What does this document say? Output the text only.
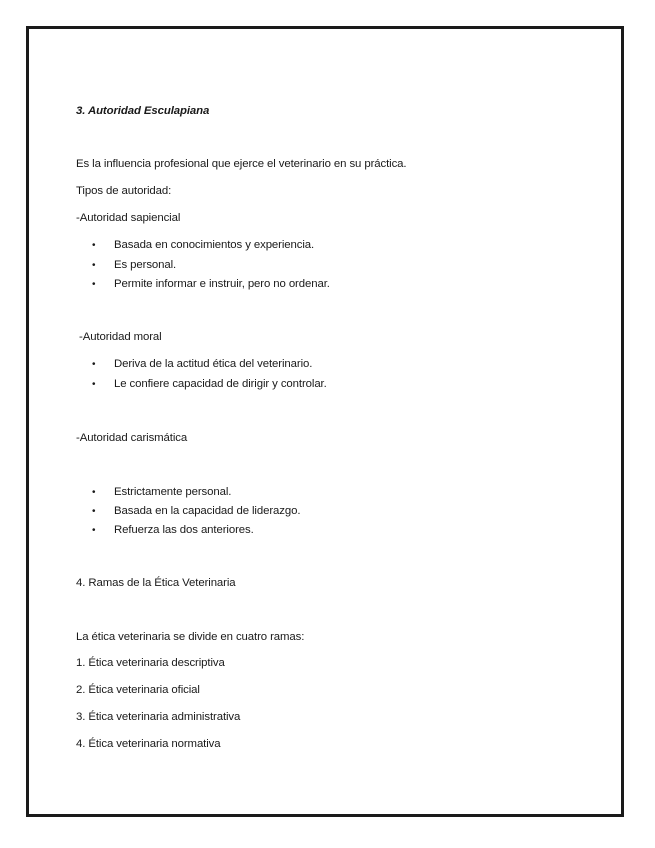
3. Autoridad Esculapiana
Es la influencia profesional que ejerce el veterinario en su práctica.
Tipos de autoridad:
-Autoridad sapiencial
• Basada en conocimientos y experiencia.
• Es personal.
• Permite informar e instruir, pero no ordenar.
-Autoridad moral
• Deriva de la actitud ética del veterinario.
• Le confiere capacidad de dirigir y controlar.
-Autoridad carismática
• Estrictamente personal.
• Basada en la capacidad de liderazgo.
• Refuerza las dos anteriores.
4. Ramas de la Ética Veterinaria
La ética veterinaria se divide en cuatro ramas:
1. Ética veterinaria descriptiva
2. Ética veterinaria oficial
3. Ética veterinaria administrativa
4. Ética veterinaria normativa
